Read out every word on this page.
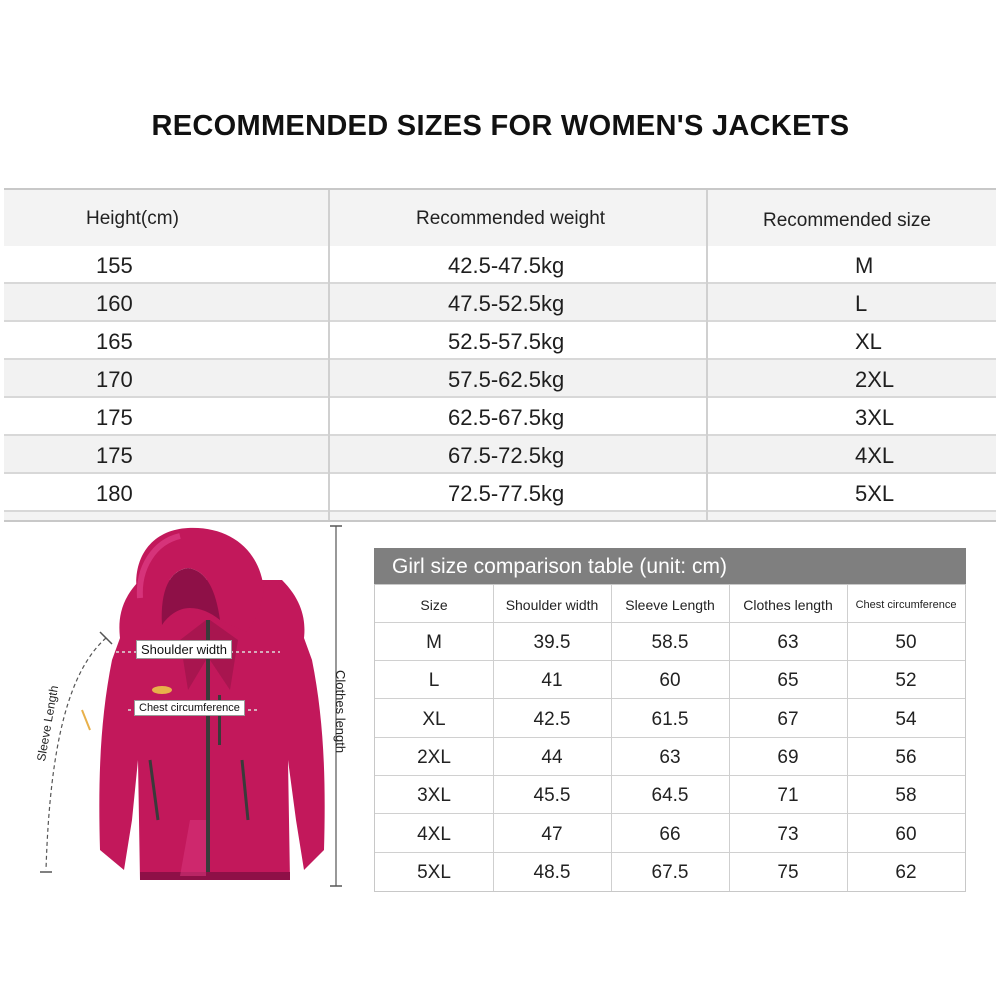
RECOMMENDED SIZES FOR WOMEN'S JACKETS
Height(cm)	Recommended weight	Recommended size
155	42.5-47.5kg	M
160	47.5-52.5kg	L
165	52.5-57.5kg	XL
170	57.5-62.5kg	2XL
175	62.5-67.5kg	3XL
175	67.5-72.5kg	4XL
180	72.5-77.5kg	5XL
Shoulder width
Chest circumference
Sleeve Length	Clothes length
Girl size comparison table (unit: cm)
Size	Shoulder width	Sleeve Length	Clothes length	Chest circumference
M	39.5	58.5	63	50
L	41	60	65	52
XL	42.5	61.5	67	54
2XL	44	63	69	56
3XL	45.5	64.5	71	58
4XL	47	66	73	60
5XL	48.5	67.5	75	62
